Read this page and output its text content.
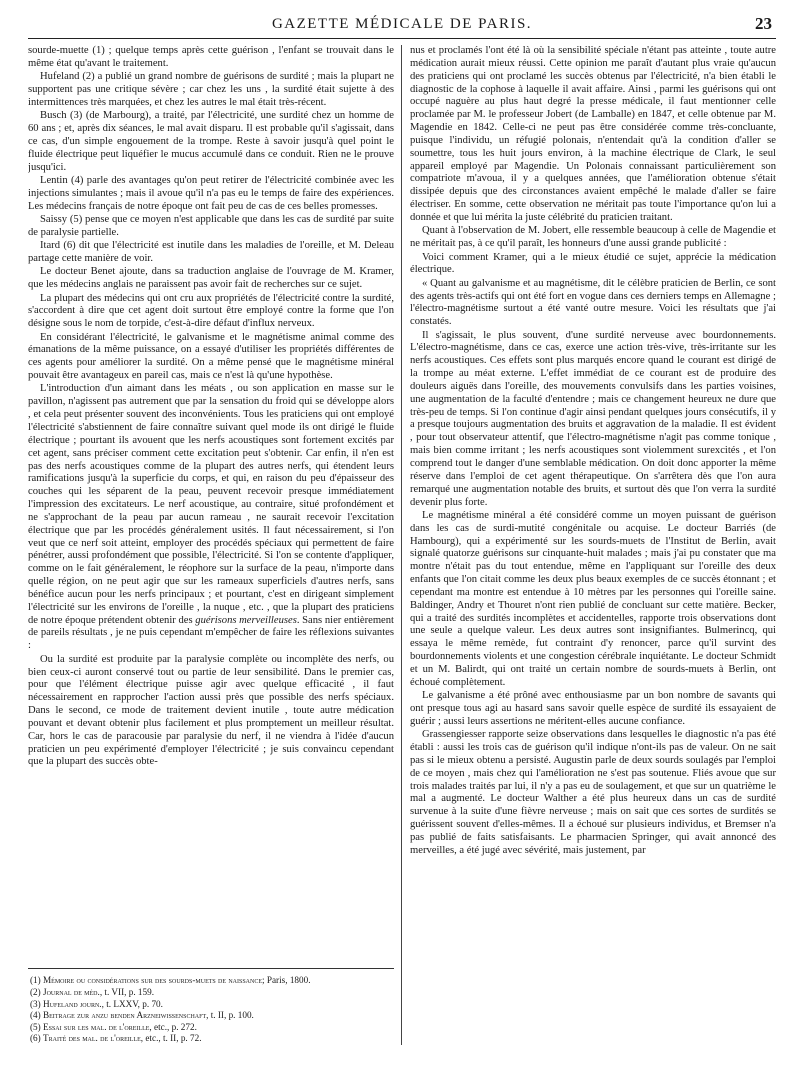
GAZETTE MÉDICALE DE PARIS.	23

sourde-muette (1) ; quelque temps après cette guérison , l'enfant se trouvait dans le même état qu'avant le traitement.

Hufeland (2) a publié un grand nombre de guérisons de surdité ; mais la plupart ne supportent pas une critique sévère ; car chez les uns , la surdité était sujette à des intermittences très marquées, et chez les autres le mal était très-récent.

Busch (3) (de Marbourg), a traité, par l'électricité, une surdité chez un homme de 60 ans ; et, après dix séances, le mal avait disparu. Il est probable qu'il s'agissait, dans ce cas, d'un simple engouement de la trompe. Reste à savoir jusqu'à quel point le fluide électrique peut liquéfier le mucus accumulé dans ce conduit. Rien ne le prouve jusqu'ici.

Lentin (4) parle des avantages qu'on peut retirer de l'électricité combinée avec les injections simulantes ; mais il avoue qu'il n'a pas eu le temps de faire des expériences. Les médecins français de notre époque ont fait peu de cas de ces belles promesses.

Saissy (5) pense que ce moyen n'est applicable que dans les cas de surdité par suite de paralysie partielle.

Itard (6) dit que l'électricité est inutile dans les maladies de l'oreille, et M. Deleau partage cette manière de voir.

Le docteur Benet ajoute, dans sa traduction anglaise de l'ouvrage de M. Kramer, que les médecins anglais ne paraissent pas avoir fait de recherches sur ce sujet.

La plupart des médecins qui ont cru aux propriétés de l'électricité contre la surdité, s'accordent à dire que cet agent doit surtout être employé contre la forme que l'on désigne sous le nom de torpide, c'est-à-dire défaut d'influx nerveux.

En considérant l'électricité, le galvanisme et le magnétisme animal comme des émanations de la même puissance, on a essayé d'utiliser les propriétés différentes de ces agents pour améliorer la surdité. On a même pensé que le magnétisme minéral pouvait être avantageux en pareil cas, mais ce n'est là qu'une hypothèse.

L'introduction d'un aimant dans les méats , ou son application en masse sur le pavillon, n'agissent pas autrement que par la sensation du froid qui se développe alors , et cela peut présenter souvent des inconvénients. Tous les praticiens qui ont employé l'électricité s'abstiennent de faire connaître suivant quel mode ils ont dirigé le fluide électrique ; pourtant ils avouent que les nerfs acoustiques sont fortement excités par cet agent, sans préciser comment cette excitation peut s'obtenir. Car enfin, il n'en est pas des nerfs acoustiques comme de la plupart des autres nerfs, qui étendent leurs ramifications jusqu'à la superficie du corps, et qui, en raison du peu d'épaisseur des couches qui les séparent de la peau, peuvent recevoir presque immédiatement l'impression des excitateurs. Le nerf acoustique, au contraire, situé profondément et ne s'approchant de la peau par aucun rameau , ne saurait recevoir l'excitation électrique que par les procédés généralement usités. Il faut nécessairement, si l'on veut que ce nerf soit atteint, employer des procédés spéciaux qui permettent de faire pénétrer, aussi profondément que possible, l'électricité. Si l'on se contente d'appliquer, comme on le fait généralement, le réophore sur la surface de la peau, n'importe dans quelle région, on ne peut agir que sur les rameaux superficiels d'autres nerfs, sans bénéfice aucun pour les nerfs principaux ; et pourtant, c'est en dirigeant simplement l'électricité sur les environs de l'oreille , la nuque , etc. , que la plupart des praticiens de notre époque prétendent obtenir des guérisons merveilleuses. Sans nier entièrement de pareils résultats , je ne puis cependant m'empêcher de faire les réflexions suivantes :

Ou la surdité est produite par la paralysie complète ou incomplète des nerfs, ou bien ceux-ci auront conservé tout ou partie de leur sensibilité. Dans le premier cas, pour que l'élément électrique puisse agir avec quelque efficacité , il faut nécessairement en rapprocher l'action aussi près que possible des nerfs spéciaux. Dans le second, ce mode de traitement devient inutile , toute autre médication pouvant et devant obtenir plus facilement et plus promptement un meilleur résultat. Car, hors le cas de paracousie par paralysie du nerf, il ne viendra à l'idée d'aucun praticien un peu expérimenté d'employer l'électricité ; je suis convaincu cependant que la plupart des succès obte-

(1) Mémoire ou considérations sur des sourds-muets de naissance; Paris, 1800.
(2) Journal de méd., t. VII, p. 159.
(3) Hufeland journ., t. LXXV, p. 70.
(4) Beitrage zur anzu benden Arzneiwissenschaft, t. II, p. 100.
(5) Essai sur les mal. de l'oreille, etc., p. 272.
(6) Traité des mal. de l'oreille, etc., t. II, p. 72.

nus et proclamés l'ont été là où la sensibilité spéciale n'étant pas atteinte , toute autre médication aurait mieux réussi. Cette opinion me paraît d'autant plus vraie qu'aucun des praticiens qui ont proclamé les succès obtenus par l'électricité, n'a bien établi le diagnostic de la cophose à laquelle il avait affaire. Ainsi , parmi les guérisons qui ont occupé naguère au plus haut degré la presse médicale, il faut mentionner celle proclamée par M. le professeur Jobert (de Lamballe) en 1847, et celle obtenue par M. Magendie en 1842. Celle-ci ne peut pas être considérée comme très-concluante, puisque l'individu, un réfugié polonais, n'entendait qu'à la condition d'aller se soumettre, tous les huit jours environ, à la machine électrique de Clark, le seul appareil employé par Magendie. Un Polonais connaissant particulièrement son compatriote m'avoua, il y a quelques années, que l'amélioration obtenue s'était dissipée depuis que des circonstances avaient empêché le malade d'aller se faire électriser. En somme, cette observation ne méritait pas toute l'importance qu'on lui a donnée et que lui mérita la juste célébrité du praticien traitant.

Quant à l'observation de M. Jobert, elle ressemble beaucoup à celle de Magendie et ne méritait pas, à ce qu'il paraît, les honneurs d'une aussi grande publicité :

Voici comment Kramer, qui a le mieux étudié ce sujet, apprécie la médication électrique.

« Quant au galvanisme et au magnétisme, dit le célèbre praticien de Berlin, ce sont des agents très-actifs qui ont été fort en vogue dans ces derniers temps en Allemagne ; l'électro-magnétisme surtout a été vanté outre mesure. Voici les résultats que j'ai constatés.

Il s'agissait, le plus souvent, d'une surdité nerveuse avec bourdonnements. L'électro-magnétisme, dans ce cas, exerce une action très-vive, très-irritante sur les nerfs acoustiques. Ces effets sont plus marqués encore quand le courant est dirigé de la trompe au méat externe. L'effet immédiat de ce courant est de produire des douleurs aiguës dans l'oreille, des mouvements convulsifs dans les parties voisines, une augmentation de la faculté d'entendre ; mais ce changement heureux ne dure que très-peu de temps. Si l'on continue d'agir ainsi pendant quelques jours consécutifs, il y a presque toujours augmentation des bruits et aggravation de la maladie. Il est évident , pour tout observateur attentif, que l'électro-magnétisme n'agit pas comme tonique , mais bien comme irritant ; les nerfs acoustiques sont violemment surexcités , et l'on comprend tout le danger d'une semblable médication. On doit donc apporter la même réserve dans l'emploi de cet agent thérapeutique. On s'arrêtera dès que l'on aura remarqué une augmentation notable des bruits, et surtout dès que l'on verra la surdité devenir plus forte.

Le magnétisme minéral a été considéré comme un moyen puissant de guérison dans les cas de surdi-mutité congénitale ou acquise. Le docteur Barriés (de Hambourg), qui a expérimenté sur les sourds-muets de l'Institut de Berlin, avait signalé quatorze guérisons sur cinquante-huit malades ; mais j'ai pu constater que ma montre n'était pas du tout entendue, même en l'appliquant sur l'oreille des deux enfants que l'on citait comme les deux plus beaux exemples de ce succès étonnant ; et cependant ma montre est entendue à 10 mètres par les personnes qui l'oreille saine. Baldinger, Andry et Thouret n'ont rien publié de concluant sur cette matière. Becker, qui a traité des surdités incomplètes et accidentelles, rapporte trois observations dont une seule a quelque valeur. Les deux autres sont insignifiantes. Bulmerincq, qui essaya le même remède, fut contraint d'y renoncer, parce qu'il survint des bourdonnements violents et une congestion cérébrale inquiétante. Le docteur Schmidt et un M. Balirdt, qui ont traité un certain nombre de sourds-muets à Berlin, ont échoué complètement.

Le galvanisme a été prôné avec enthousiasme par un bon nombre de savants qui ont presque tous agi au hasard sans savoir quelle espèce de surdité ils essayaient de guérir ; aussi leurs assertions ne méritent-elles aucune confiance.

Grassengiesser rapporte seize observations dans lesquelles le diagnostic n'a pas été établi : aussi les trois cas de guérison qu'il indique n'ont-ils pas de valeur. On ne sait pas si le mieux obtenu a persisté. Augustin parle de deux sourds soulagés par l'emploi de ce moyen , mais chez qui l'amélioration ne s'est pas soutenue. Fliés avoue que sur trois malades traités par lui, il n'y a pas eu de soulagement, et que sur un quatrième le mal a augmenté. Le docteur Walther a été plus heureux dans un cas de surdité survenue à la suite d'une fièvre nerveuse ; mais on sait que ces sortes de surdités se guérissent souvent d'elles-mêmes. Il a échoué sur plusieurs individus, et Bremser n'a pas publié de faits satisfaisants. Le pharmacien Springer, qui avait annoncé des merveilles, a été jugé avec sévérité, mais justement, par
